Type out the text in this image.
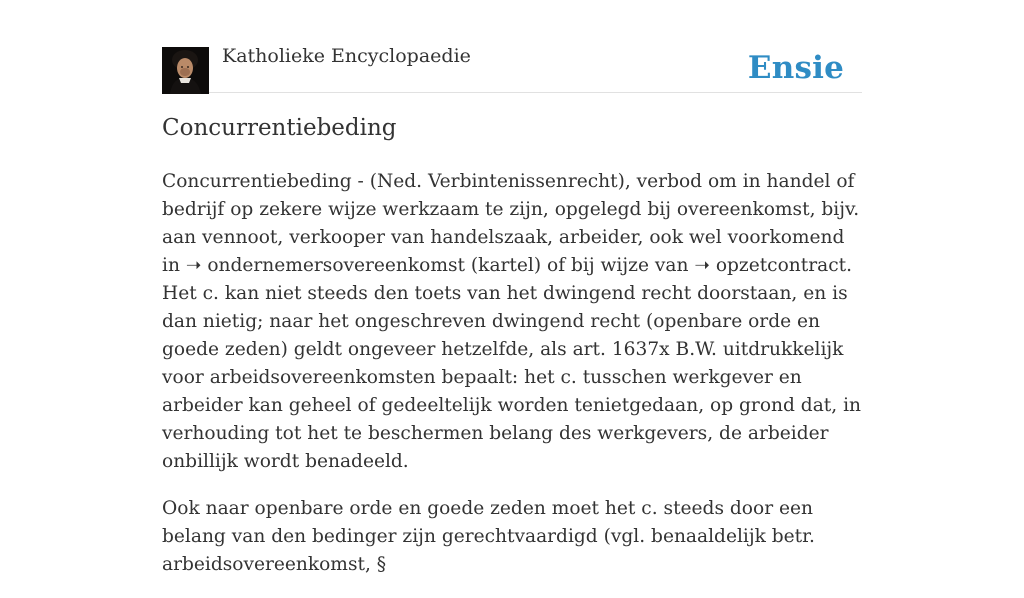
Katholieke Encyclopaedie	Ensie
Concurrentiebeding

Concurrentiebeding - (Ned. Verbintenissenrecht), verbod om in handel of bedrijf op zekere wijze werkzaam te zijn, opgelegd bij overeenkomst, bijv. aan vennoot, verkooper van handelszaak, arbeider, ook wel voorkomend in ➝ ondernemersovereenkomst (kartel) of bij wijze van ➝ opzetcontract. Het c. kan niet steeds den toets van het dwingend recht doorstaan, en is dan nietig; naar het ongeschreven dwingend recht (openbare orde en goede zeden) geldt ongeveer hetzelfde, als art. 1637x B.W. uitdrukkelijk voor arbeidsovereenkomsten bepaalt: het c. tusschen werkgever en arbeider kan geheel of gedeeltelijk worden tenietgedaan, op grond dat, in verhouding tot het te beschermen belang des werkgevers, de arbeider onbillijk wordt benadeeld.

Ook naar openbare orde en goede zeden moet het c. steeds door een belang van den bedinger zijn gerechtvaardigd (vgl. benaaldelijk betr. arbeidsovereenkomst, §
